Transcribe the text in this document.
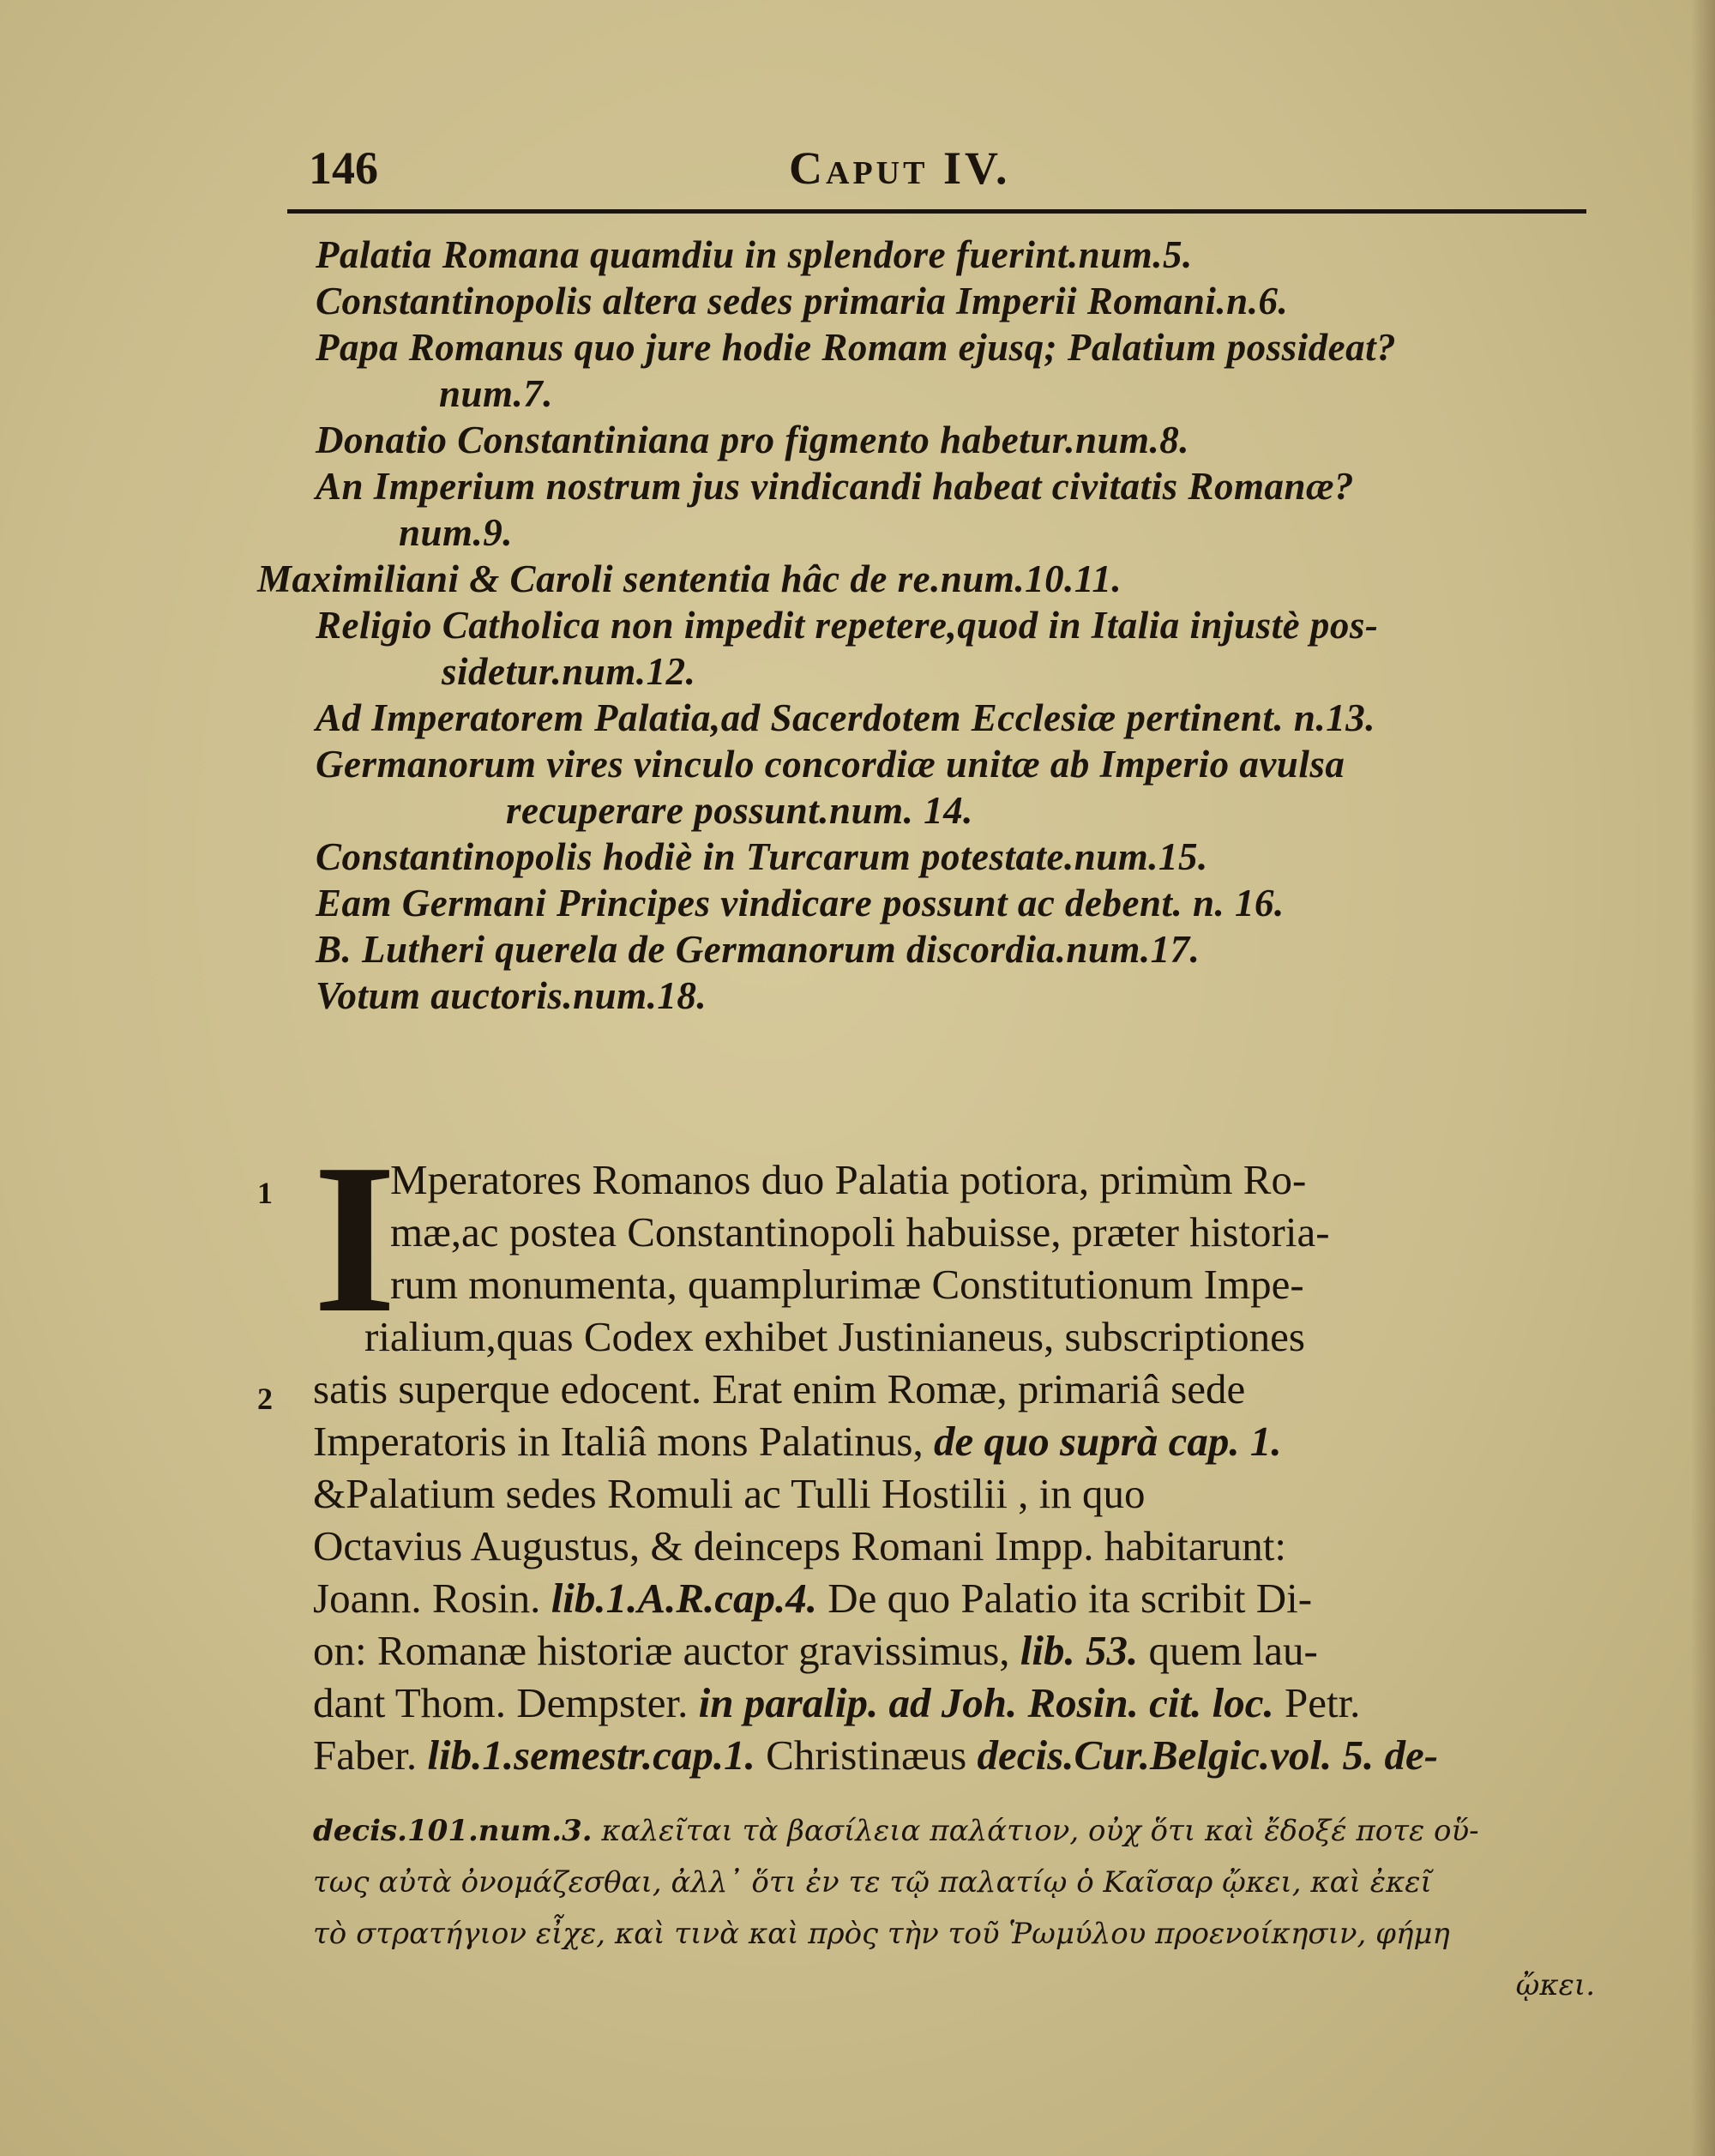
146	Caput IV.
Palatia Romana quamdiu in splendore fuerint.num.5.
Constantinopolis altera sedes primaria Imperii Romani.n.6.
Papa Romanus quo jure hodie Romam ejusq; Palatium possideat?
num.7.
Donatio Constantiniana pro figmento habetur.num.8.
An Imperium nostrum jus vindicandi habeat civitatis Romanæ?
num.9.
Maximiliani & Caroli sententia hâc de re.num.10.11.
Religio Catholica non impedit repetere,quod in Italia injustè pos-
sidetur.num.12.
Ad Imperatorem Palatia,ad Sacerdotem Ecclesiæ pertinent. n.13.
Germanorum vires vinculo concordiæ unitæ ab Imperio avulsa
recuperare possunt.num. 14.
Constantinopolis hodiè in Turcarum potestate.num.15.
Eam Germani Principes vindicare possunt ac debent. n. 16.
B. Lutheri querela de Germanorum discordia.num.17.
Votum auctoris.num.18.
1
2
I
Mperatores Romanos duo Palatia potiora, primùm Ro-
mæ,ac postea Constantinopoli habuisse, præter historia-
rum monumenta, quamplurimæ Constitutionum Impe-
rialium,quas Codex exhibet Justinianeus, subscriptiones
satis superque edocent. Erat enim Romæ, primariâ sede
Imperatoris in Italiâ mons Palatinus, de quo suprà cap. 1.
&Palatium sedes Romuli ac Tulli Hostilii , in quo
Octavius Augustus, & deinceps Romani Impp. habitarunt:
Joann. Rosin. lib.1.A.R.cap.4. De quo Palatio ita scribit Di-
on: Romanæ historiæ auctor gravissimus, lib. 53. quem lau-
dant Thom. Dempster. in paralip. ad Joh. Rosin. cit. loc. Petr.
Faber. lib.1.semestr.cap.1. Christinæus decis.Cur.Belgic.vol. 5. de-
decis.101.num.3. καλεῖται τὰ βασίλεια παλάτιον, οὐχ ὅτι καὶ ἔδοξέ ποτε οὕ-
τως αὐτὰ ὀνομάζεσθαι, ἀλλ᾽ ὅτι ἐν τε τῷ παλατίῳ ὁ Καῖσαρ ᾤκει, καὶ ἐκεῖ
τὸ στρατήγιον εἶχε, καὶ τινὰ καὶ πρὸς τὴν τοῦ Ῥωμύλου προενοίκησιν, φήμη
ᾤκει.
